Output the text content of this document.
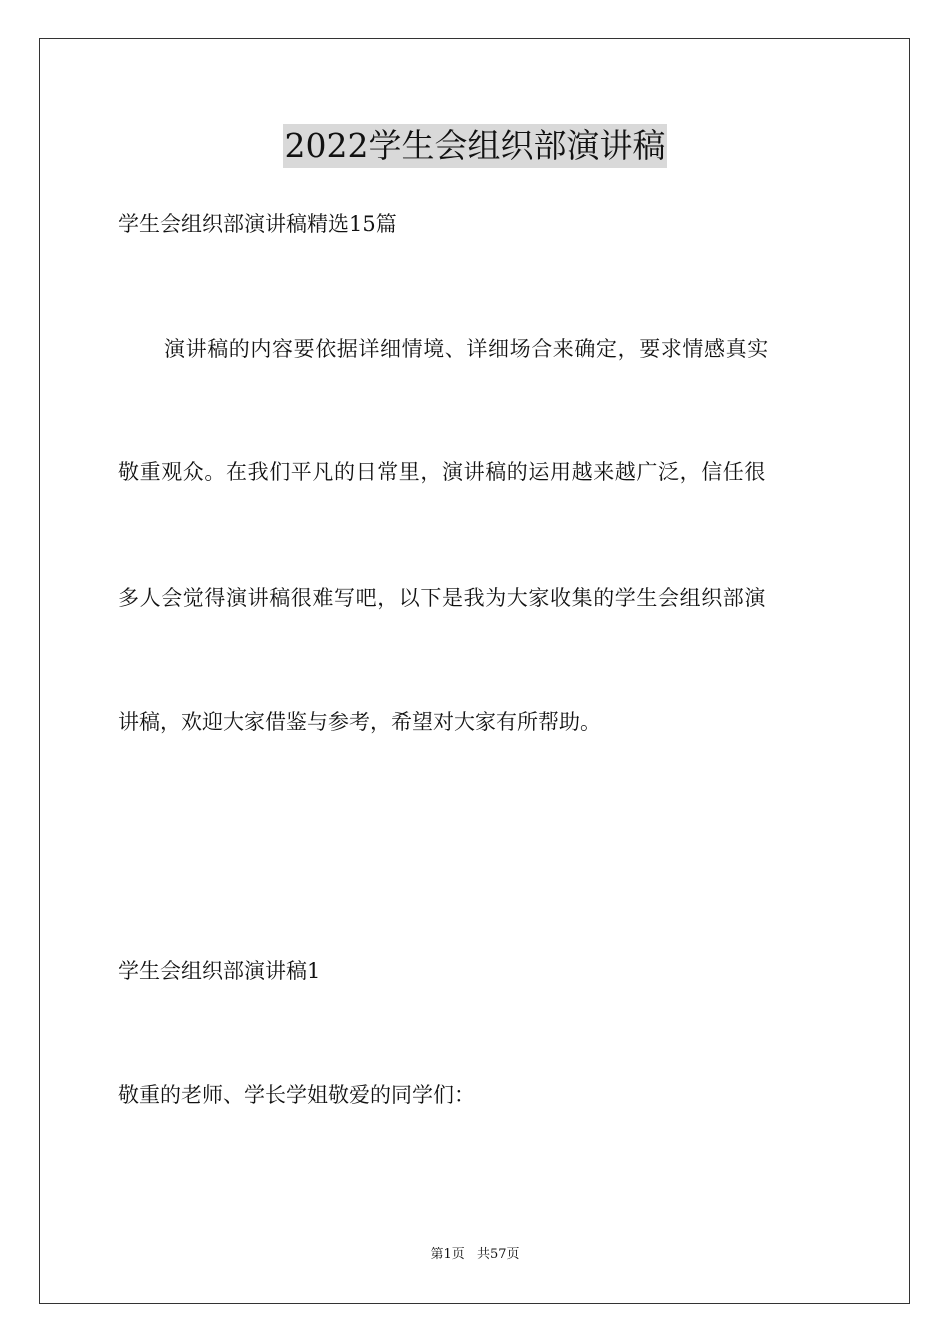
2022学生会组织部演讲稿
学生会组织部演讲稿精选15篇
演讲稿的内容要依据详细情境、详细场合来确定，要求情感真实
敬重观众。在我们平凡的日常里，演讲稿的运用越来越广泛，信任很
多人会觉得演讲稿很难写吧，以下是我为大家收集的学生会组织部演
讲稿，欢迎大家借鉴与参考，希望对大家有所帮助。
学生会组织部演讲稿1
敬重的老师、学长学姐敬爱的同学们：
第1页 共57页
